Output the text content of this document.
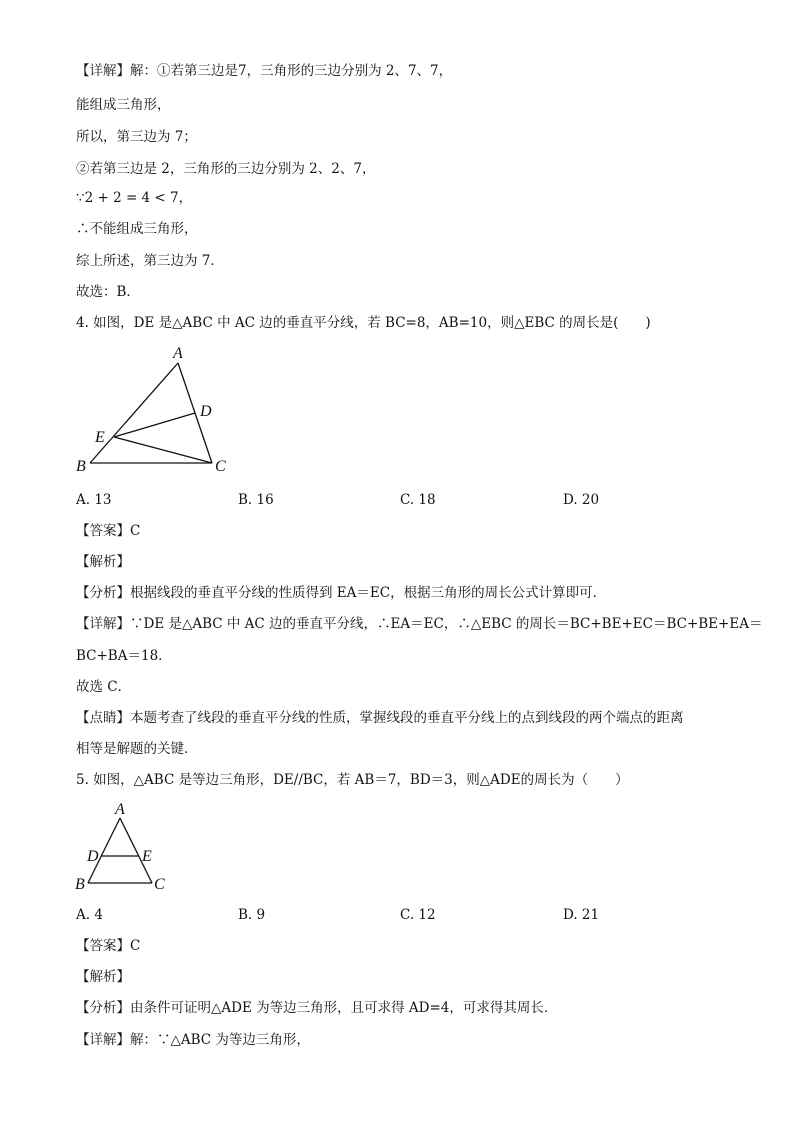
【详解】解：①若第三边是7，三角形的三边分别为 2、7、7，
能组成三角形，
所以，第三边为 7；
②若第三边是 2，三角形的三边分别为 2、2、7，
∵2 + 2 = 4 < 7，
∴不能组成三角形，
综上所述，第三边为 7．
故选：B．
4. 如图，DE 是△ABC 中 AC 边的垂直平分线，若 BC=8，AB=10，则△EBC 的周长是(　　)
A
D
E
B	C
A. 13	B. 16	C. 18	D. 20
【答案】C
【解析】
【分析】根据线段的垂直平分线的性质得到 EA＝EC，根据三角形的周长公式计算即可．
【详解】∵DE 是△ABC 中 AC 边的垂直平分线，∴EA＝EC，∴△EBC 的周长＝BC+BE+EC＝BC+BE+EA＝
BC+BA＝18．
故选 C．
【点睛】本题考查了线段的垂直平分线的性质，掌握线段的垂直平分线上的点到线段的两个端点的距离
相等是解题的关键．
5. 如图，△ABC 是等边三角形，DE//BC，若 AB＝7，BD＝3，则△ADE的周长为（　　）
A
D	E
B	C
A. 4	B. 9	C. 12	D. 21
【答案】C
【解析】
【分析】由条件可证明△ADE 为等边三角形，且可求得 AD=4，可求得其周长．
【详解】解：∵△ABC 为等边三角形，
